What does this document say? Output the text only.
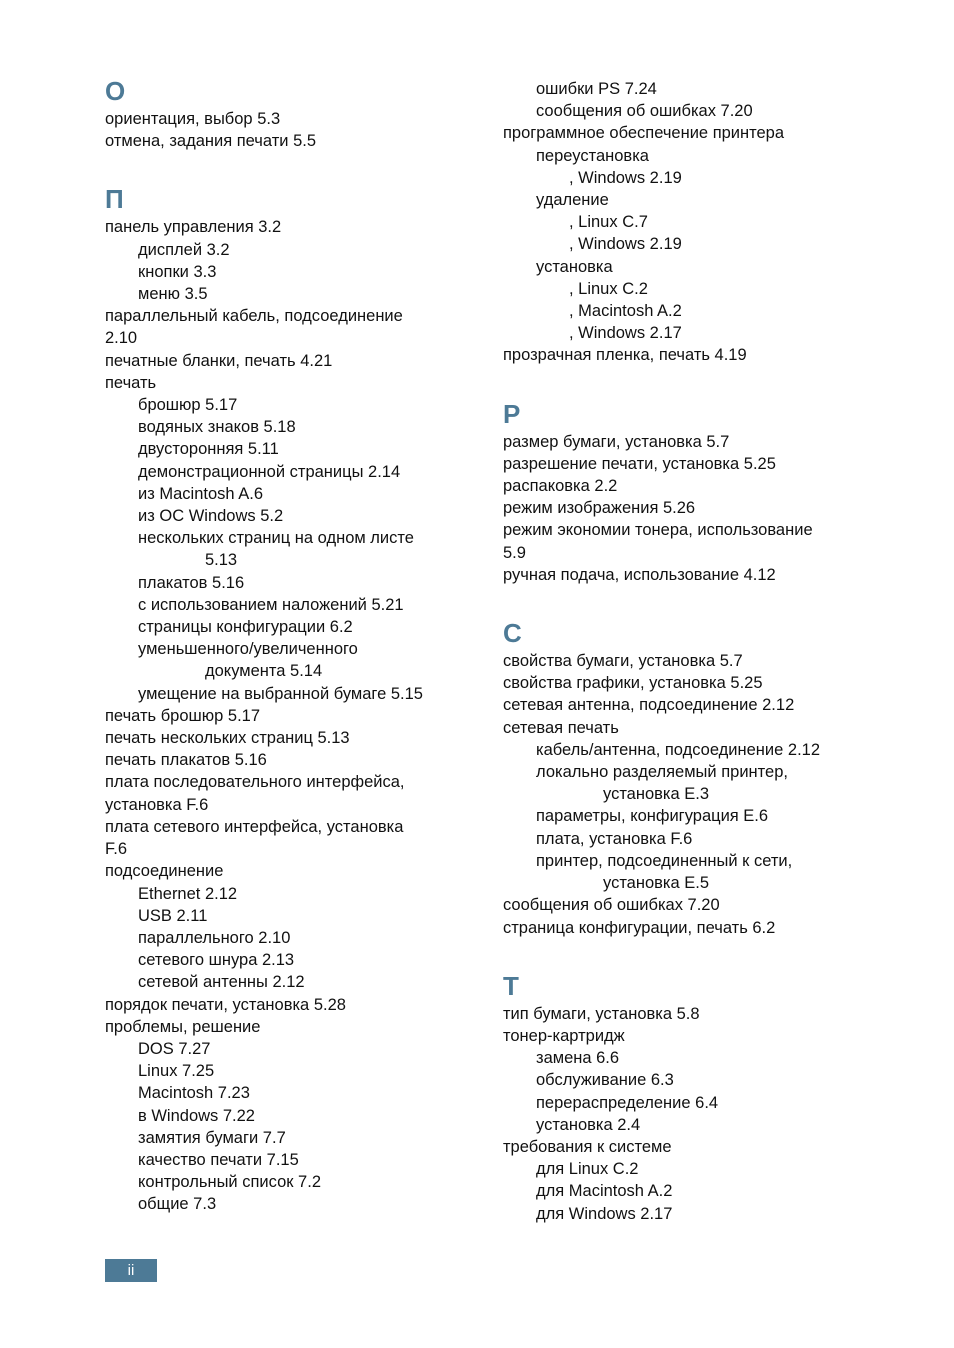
О
ориентация, выбор 5.3
отмена, задания печати 5.5
П
панель управления 3.2
дисплей 3.2
кнопки 3.3
меню 3.5
параллельный кабель, подсоединение
2.10
печатные бланки, печать 4.21
печать
брошюр 5.17
водяных знаков 5.18
двусторонняя 5.11
демонстрационной страницы 2.14
из Macintosh A.6
из ОС Windows 5.2
нескольких страниц на одном листе
5.13
плакатов 5.16
с использованием наложений 5.21
страницы конфигурации 6.2
уменьшенного/увеличенного
документа 5.14
умещение на выбранной бумаге 5.15
печать брошюр 5.17
печать нескольких страниц 5.13
печать плакатов 5.16
плата последовательного интерфейса,
установка F.6
плата сетевого интерфейса, установка
F.6
подсоединение
Ethernet 2.12
USB 2.11
параллельного 2.10
сетевого шнура 2.13
сетевой антенны 2.12
порядок печати, установка 5.28
проблемы, решение
DOS 7.27
Linux 7.25
Macintosh 7.23
в Windows 7.22
замятия бумаги 7.7
качество печати 7.15
контрольный список 7.2
общие 7.3
ошибки PS 7.24
сообщения об ошибках 7.20
программное обеспечение принтера
переустановка
, Windows 2.19
удаление
, Linux C.7
, Windows 2.19
установка
, Linux C.2
, Macintosh A.2
, Windows 2.17
прозрачная пленка, печать 4.19
Р
размер бумаги, установка 5.7
разрешение печати, установка 5.25
распаковка 2.2
режим изображения 5.26
режим экономии тонера, использование
5.9
ручная подача, использование 4.12
С
свойства бумаги, установка 5.7
свойства графики, установка 5.25
сетевая антенна, подсоединение 2.12
сетевая печать
кабель/антенна, подсоединение 2.12
локально разделяемый принтер,
установка E.3
параметры, конфигурация E.6
плата, установка F.6
принтер, подсоединенный к сети,
установка E.5
сообщения об ошибках 7.20
страница конфигурации, печать 6.2
Т
тип бумаги, установка 5.8
тонер-картридж
замена 6.6
обслуживание 6.3
перераспределение 6.4
установка 2.4
требования к системе
для Linux C.2
для Macintosh A.2
для Windows 2.17
ii
